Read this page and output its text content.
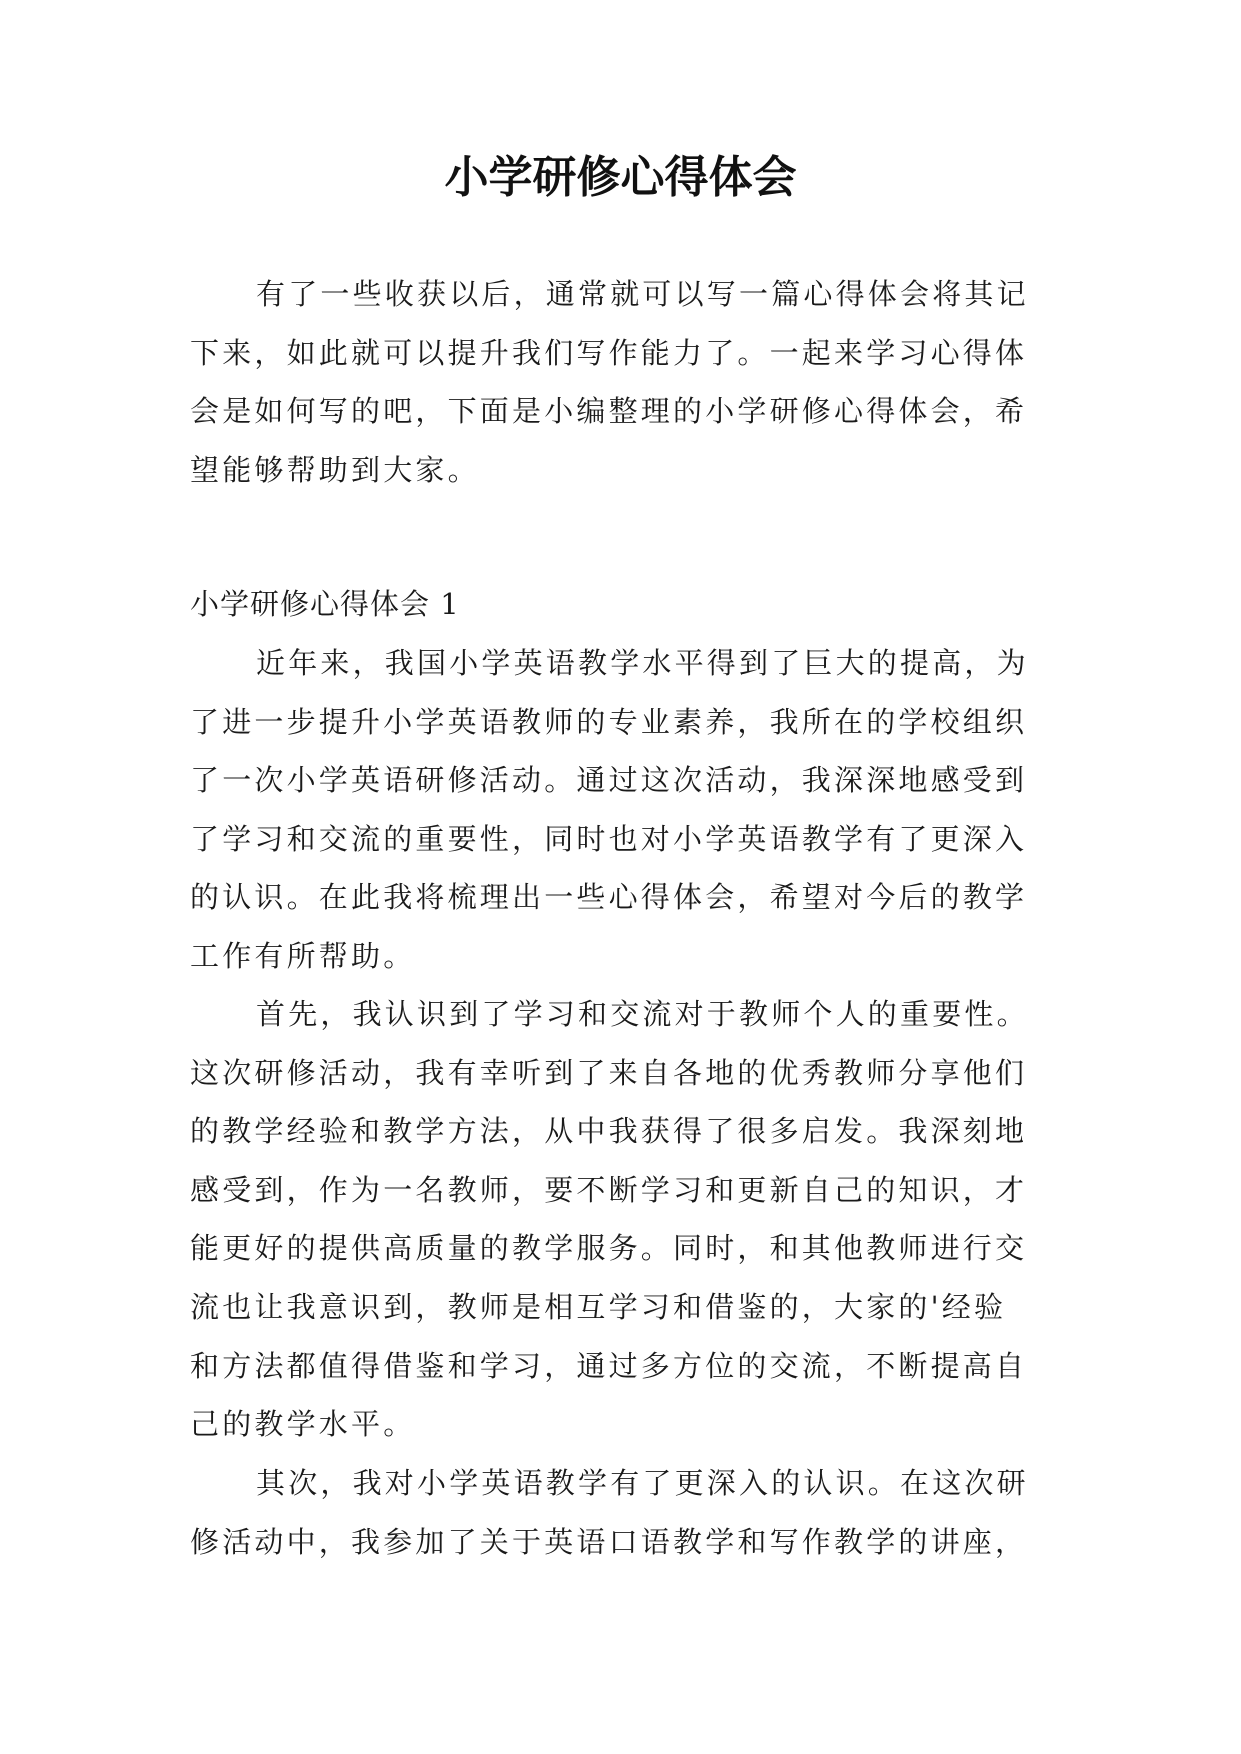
小学研修心得体会
有了一些收获以后，通常就可以写一篇心得体会将其记
下来，如此就可以提升我们写作能力了。一起来学习心得体
会是如何写的吧，下面是小编整理的小学研修心得体会，希
望能够帮助到大家。
小学研修心得体会 1
近年来，我国小学英语教学水平得到了巨大的提高，为
了进一步提升小学英语教师的专业素养，我所在的学校组织
了一次小学英语研修活动。通过这次活动，我深深地感受到
了学习和交流的重要性，同时也对小学英语教学有了更深入
的认识。在此我将梳理出一些心得体会，希望对今后的教学
工作有所帮助。
首先，我认识到了学习和交流对于教师个人的重要性。
这次研修活动，我有幸听到了来自各地的优秀教师分享他们
的教学经验和教学方法，从中我获得了很多启发。我深刻地
感受到，作为一名教师，要不断学习和更新自己的知识，才
能更好的提供高质量的教学服务。同时，和其他教师进行交
流也让我意识到，教师是相互学习和借鉴的，大家的'经验
和方法都值得借鉴和学习，通过多方位的交流，不断提高自
己的教学水平。
其次，我对小学英语教学有了更深入的认识。在这次研
修活动中，我参加了关于英语口语教学和写作教学的讲座，
